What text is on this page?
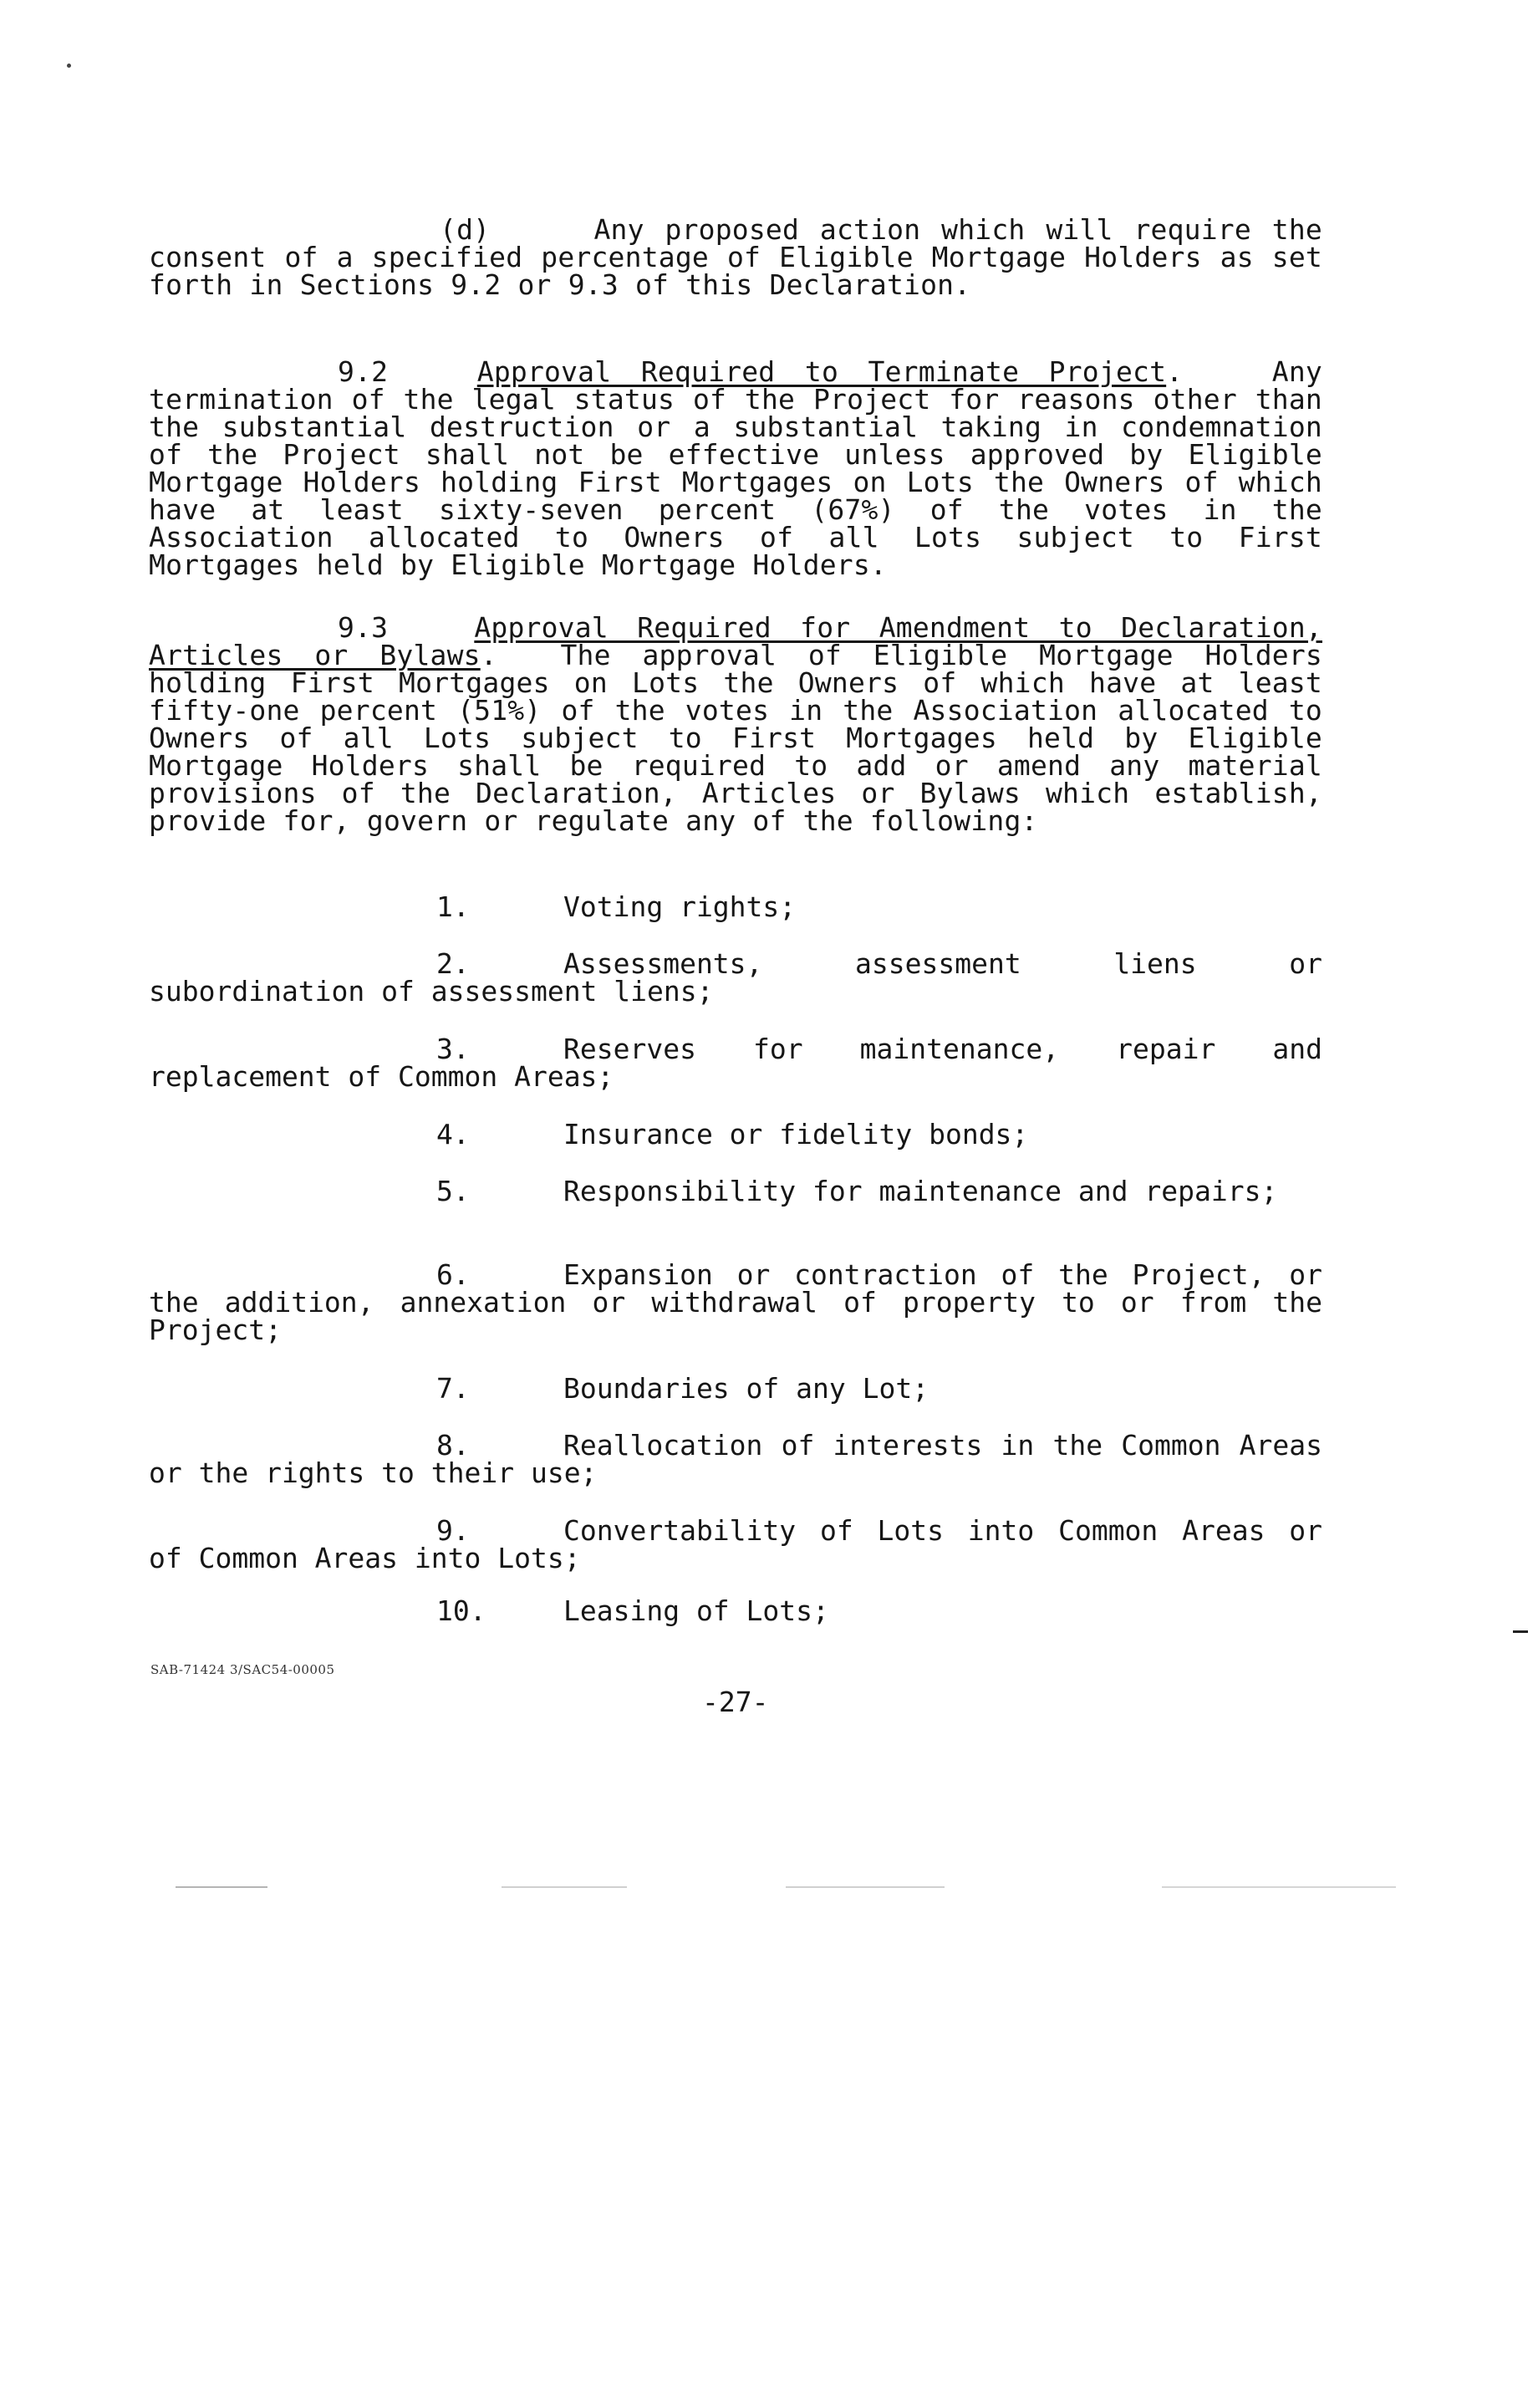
(d)     Any proposed action which will require the consent of a specified percentage of Eligible Mortgage Holders as set forth in Sections 9.2 or 9.3 of this Declaration.
9.2	Approval Required to Terminate Project.   Any termination of the legal status of the Project for reasons other than the substantial destruction or a substantial taking in condemnation of the Project shall not be effective unless approved by Eligible Mortgage Holders holding First Mortgages on Lots the Owners of which have at least sixty-seven percent (67%) of the votes in the Association allocated to Owners of all Lots subject to First Mortgages held by Eligible Mortgage Holders.
9.3	Approval Required for Amendment to Declaration, Articles or Bylaws.  The approval of Eligible Mortgage Holders holding First Mortgages on Lots the Owners of which have at least fifty-one percent (51%) of the votes in the Association allocated to Owners of all Lots subject to First Mortgages held by Eligible Mortgage Holders shall be required to add or amend any material provisions of the Declaration, Articles or Bylaws which establish, provide for, govern or regulate any of the following:
1.	Voting rights;
2.	Assessments, assessment liens or subordination of assessment liens;
3.	Reserves for maintenance, repair and replacement of Common Areas;
4.	Insurance or fidelity bonds;
5.	Responsibility for maintenance and repairs;
6.	Expansion or contraction of the Project, or the addition, annexation or withdrawal of property to or from the Project;
7.	Boundaries of any Lot;
8.	Reallocation of interests in the Common Areas or the rights to their use;
9.	Convertability of Lots into Common Areas or of Common Areas into Lots;
10.	Leasing of Lots;
SAB-71424 3/SAC54-00005
-27-
